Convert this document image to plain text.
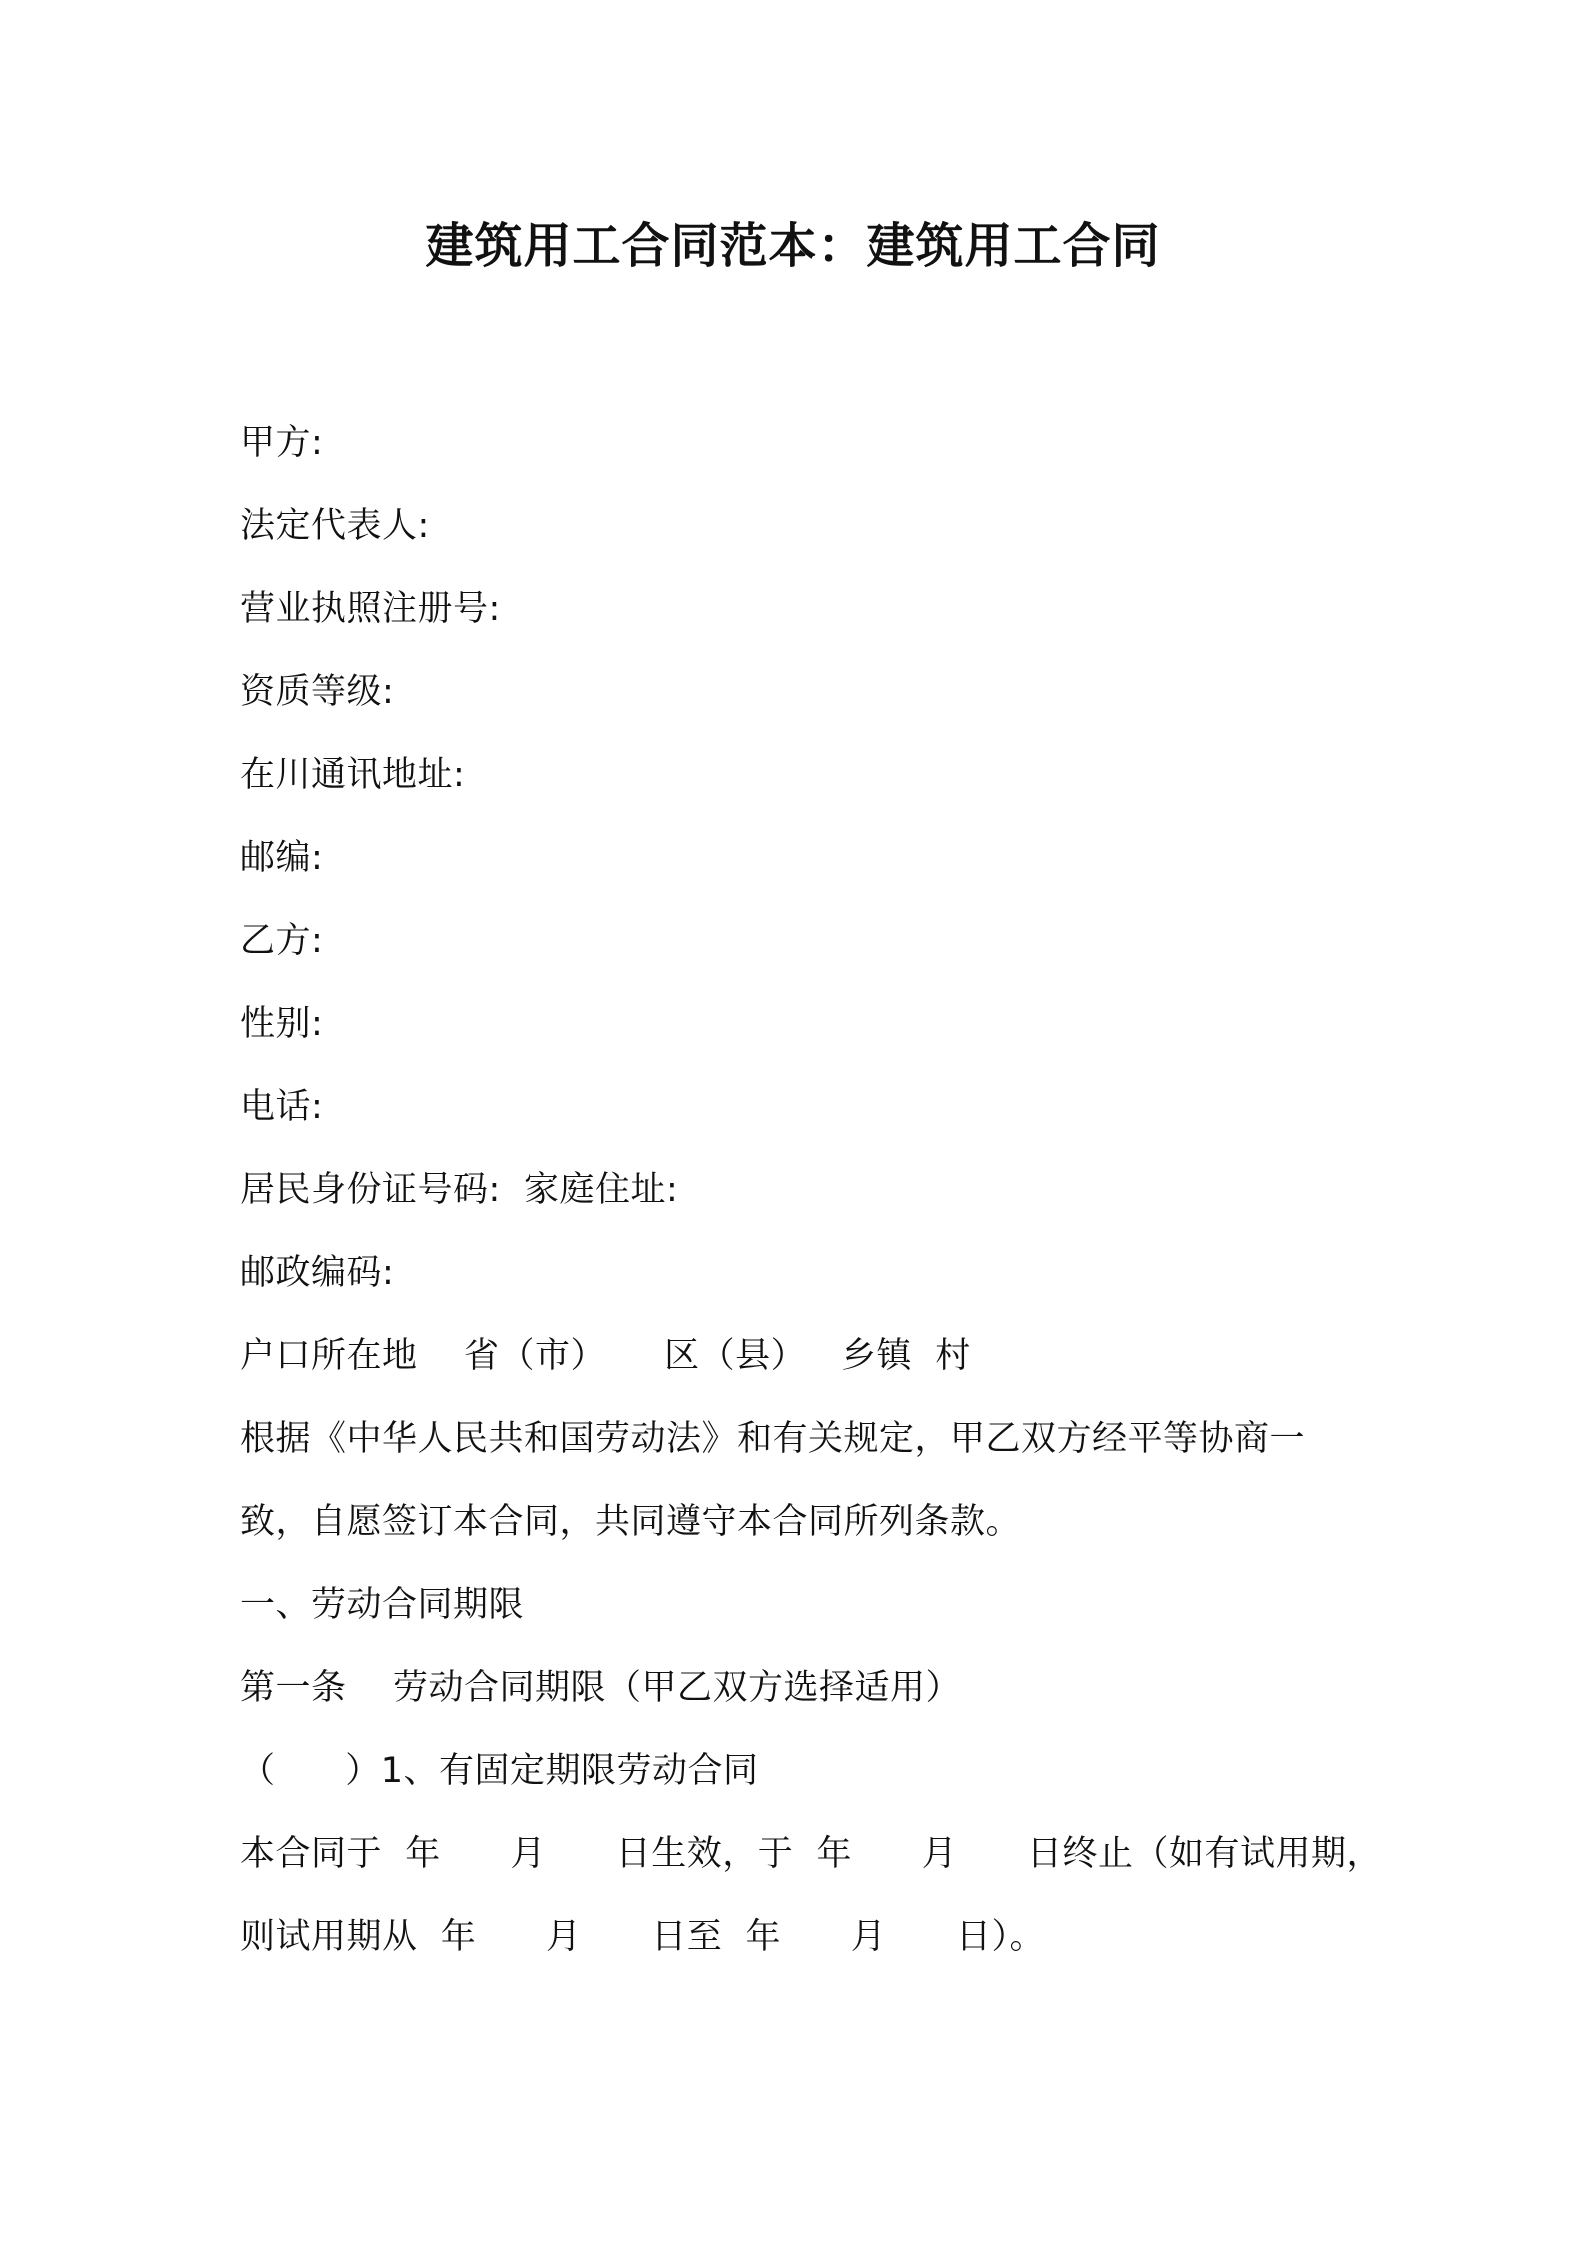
建筑用工合同范本：建筑用工合同
甲方:
法定代表人:
营业执照注册号:
资质等级:
在川通讯地址:
邮编:
乙方:
性别:
电话:
居民身份证号码:  家庭住址:
邮政编码:
户口所在地    省（市）     区（县）   乡镇  村
根据《中华人民共和国劳动法》和有关规定，甲乙双方经平等协商一
致，自愿签订本合同，共同遵守本合同所列条款。
一、劳动合同期限
第一条    劳动合同期限（甲乙双方选择适用）
（      ）1、有固定期限劳动合同
本合同于  年      月      日生效，于  年      月      日终止（如有试用期，
则试用期从  年      月      日至  年      月      日）。
